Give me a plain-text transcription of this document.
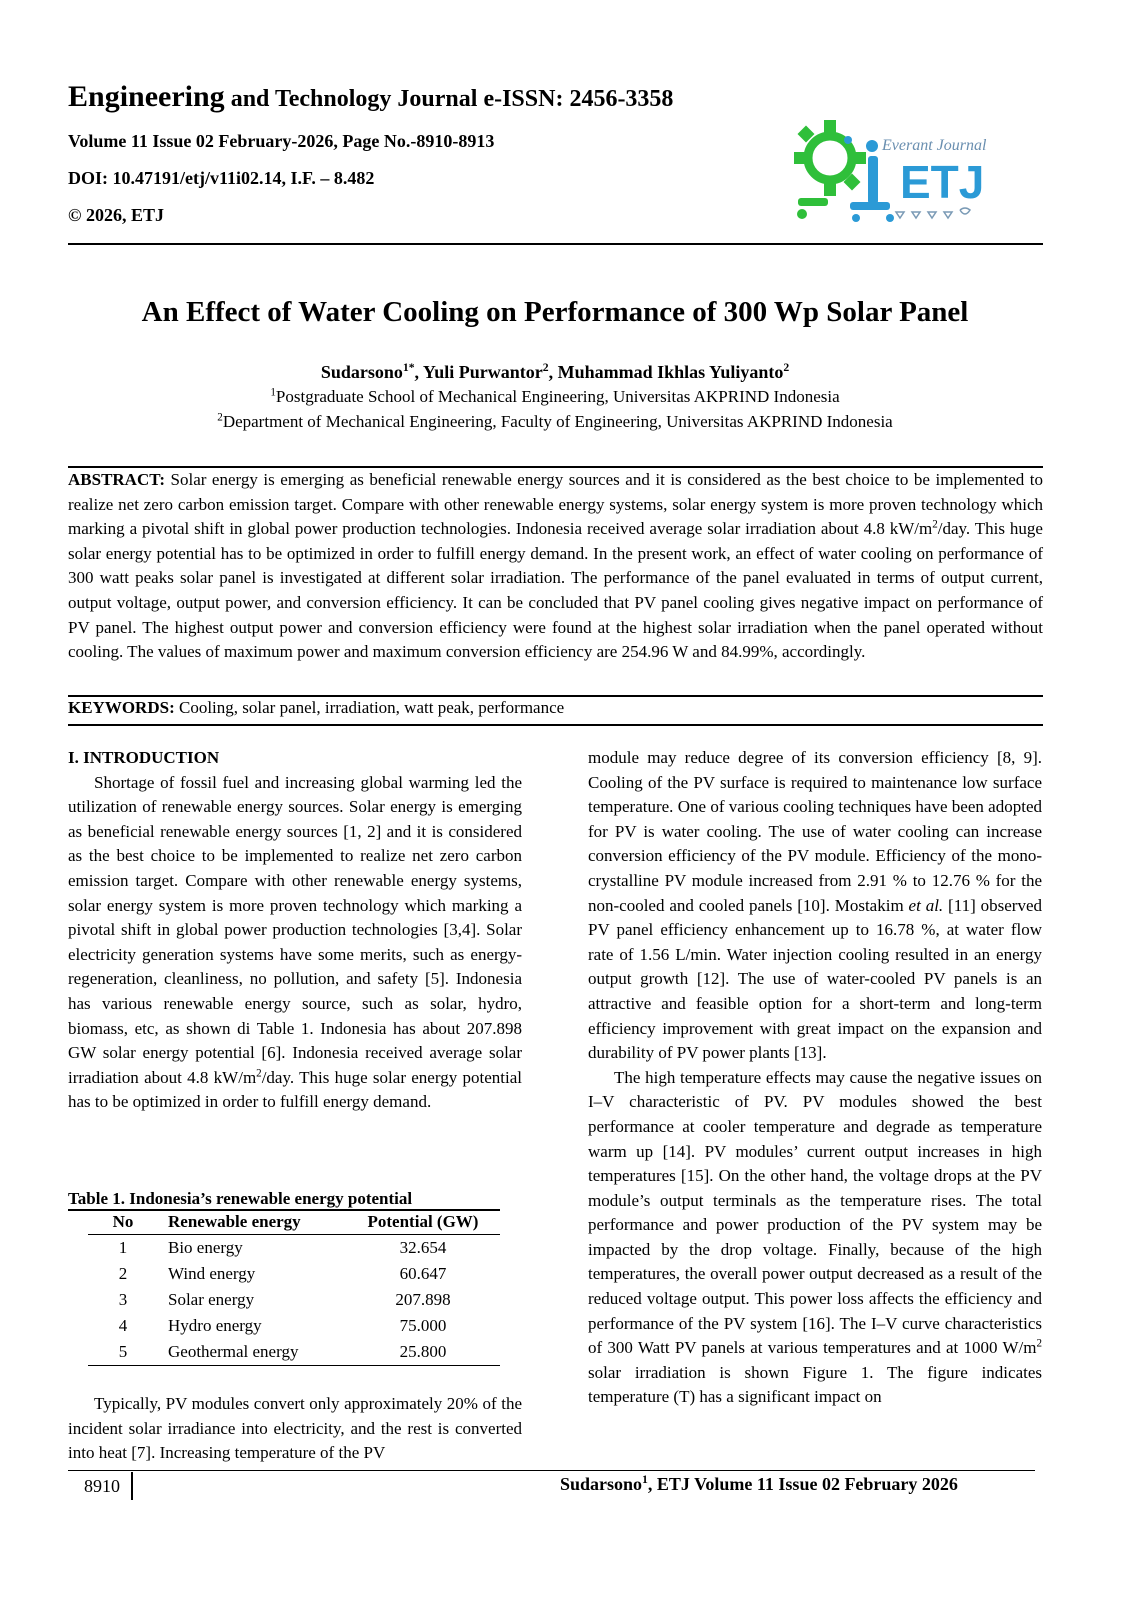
Engineering and Technology Journal e-ISSN: 2456-3358
Volume 11 Issue 02 February-2026, Page No.-8910-8913
DOI: 10.47191/etj/v11i02.14, I.F. – 8.482
© 2026, ETJ
Everant Journal
ETJ
An Effect of Water Cooling on Performance of 300 Wp Solar Panel
Sudarsono$^{1*}$, Yuli Purwantor$^2$, Muhammad Ikhlas Yuliyanto$^2$
$^1$Postgraduate School of Mechanical Engineering, Universitas AKPRIND Indonesia
$^2$Department of Mechanical Engineering, Faculty of Engineering, Universitas AKPRIND Indonesia
ABSTRACT: Solar energy is emerging as beneficial renewable energy sources and it is considered as the best choice to be implemented to realize net zero carbon emission target. Compare with other renewable energy systems, solar energy system is more proven technology which marking a pivotal shift in global power production technologies. Indonesia received average solar irradiation about 4.8 $kW/m^2$/day. This huge solar energy potential has to be optimized in order to fulfill energy demand. In the present work, an effect of water cooling on performance of 300 watt peaks solar panel is investigated at different solar irradiation. The performance of the panel evaluated in terms of output current, output voltage, output power, and conversion efficiency. It can be concluded that PV panel cooling gives negative impact on performance of PV panel. The highest output power and conversion efficiency were found at the highest solar irradiation when the panel operated without cooling. The values of maximum power and maximum conversion efficiency are 254.96 W and 84.99%, accordingly.
KEYWORDS: Cooling, solar panel, irradiation, watt peak, performance

I. INTRODUCTION

Shortage of fossil fuel and increasing global warming led the utilization of renewable energy sources. Solar energy is emerging as beneficial renewable energy sources [1, 2] and it is considered as the best choice to be implemented to realize net zero carbon emission target. Compare with other renewable energy systems, solar energy system is more proven technology which marking a pivotal shift in global power production technologies [3,4]. Solar electricity generation systems have some merits, such as energy-regeneration, cleanliness, no pollution, and safety [5]. Indonesia has various renewable energy source, such as solar, hydro, biomass, etc, as shown di Table 1. Indonesia has about 207.898 GW solar energy potential [6]. Indonesia received average solar irradiation about 4.8 $kW/m^2$/day. This huge solar energy potential has to be optimized in order to fulfill energy demand.

Table 1. Indonesia’s renewable energy potential
No	Renewable energy	Potential (GW)
1	Bio energy	32.654
2	Wind energy	60.647
3	Solar energy	207.898
4	Hydro energy	75.000
5	Geothermal energy	25.800

Typically, PV modules convert only approximately 20% of the incident solar irradiance into electricity, and the rest is converted into heat [7]. Increasing temperature of the PV

module may reduce degree of its conversion efficiency [8, 9]. Cooling of the PV surface is required to maintenance low surface temperature. One of various cooling techniques have been adopted for PV is water cooling. The use of water cooling can increase conversion efficiency of the PV module. Efficiency of the mono-crystalline PV module increased from 2.91 % to 12.76 % for the non-cooled and cooled panels [10]. Mostakim et al. [11] observed PV panel efficiency enhancement up to 16.78 %, at water flow rate of 1.56 L/min. Water injection cooling resulted in an energy output growth [12]. The use of water-cooled PV panels is an attractive and feasible option for a short-term and long-term efficiency improvement with great impact on the expansion and durability of PV power plants [13].

The high temperature effects may cause the negative issues on I–V characteristic of PV. PV modules showed the best performance at cooler temperature and degrade as temperature warm up [14]. PV modules’ current output increases in high temperatures [15]. On the other hand, the voltage drops at the PV module’s output terminals as the temperature rises. The total performance and power production of the PV system may be impacted by the drop voltage. Finally, because of the high temperatures, the overall power output decreased as a result of the reduced voltage output. This power loss affects the efficiency and performance of the PV system [16]. The I–V curve characteristics of 300 Watt PV panels at various temperatures and at 1000 $W/m^2$ solar irradiation is shown Figure 1. The figure indicates temperature (T) has a significant impact on

8910	Sudarsono$^1$, ETJ Volume 11 Issue 02 February 2026
